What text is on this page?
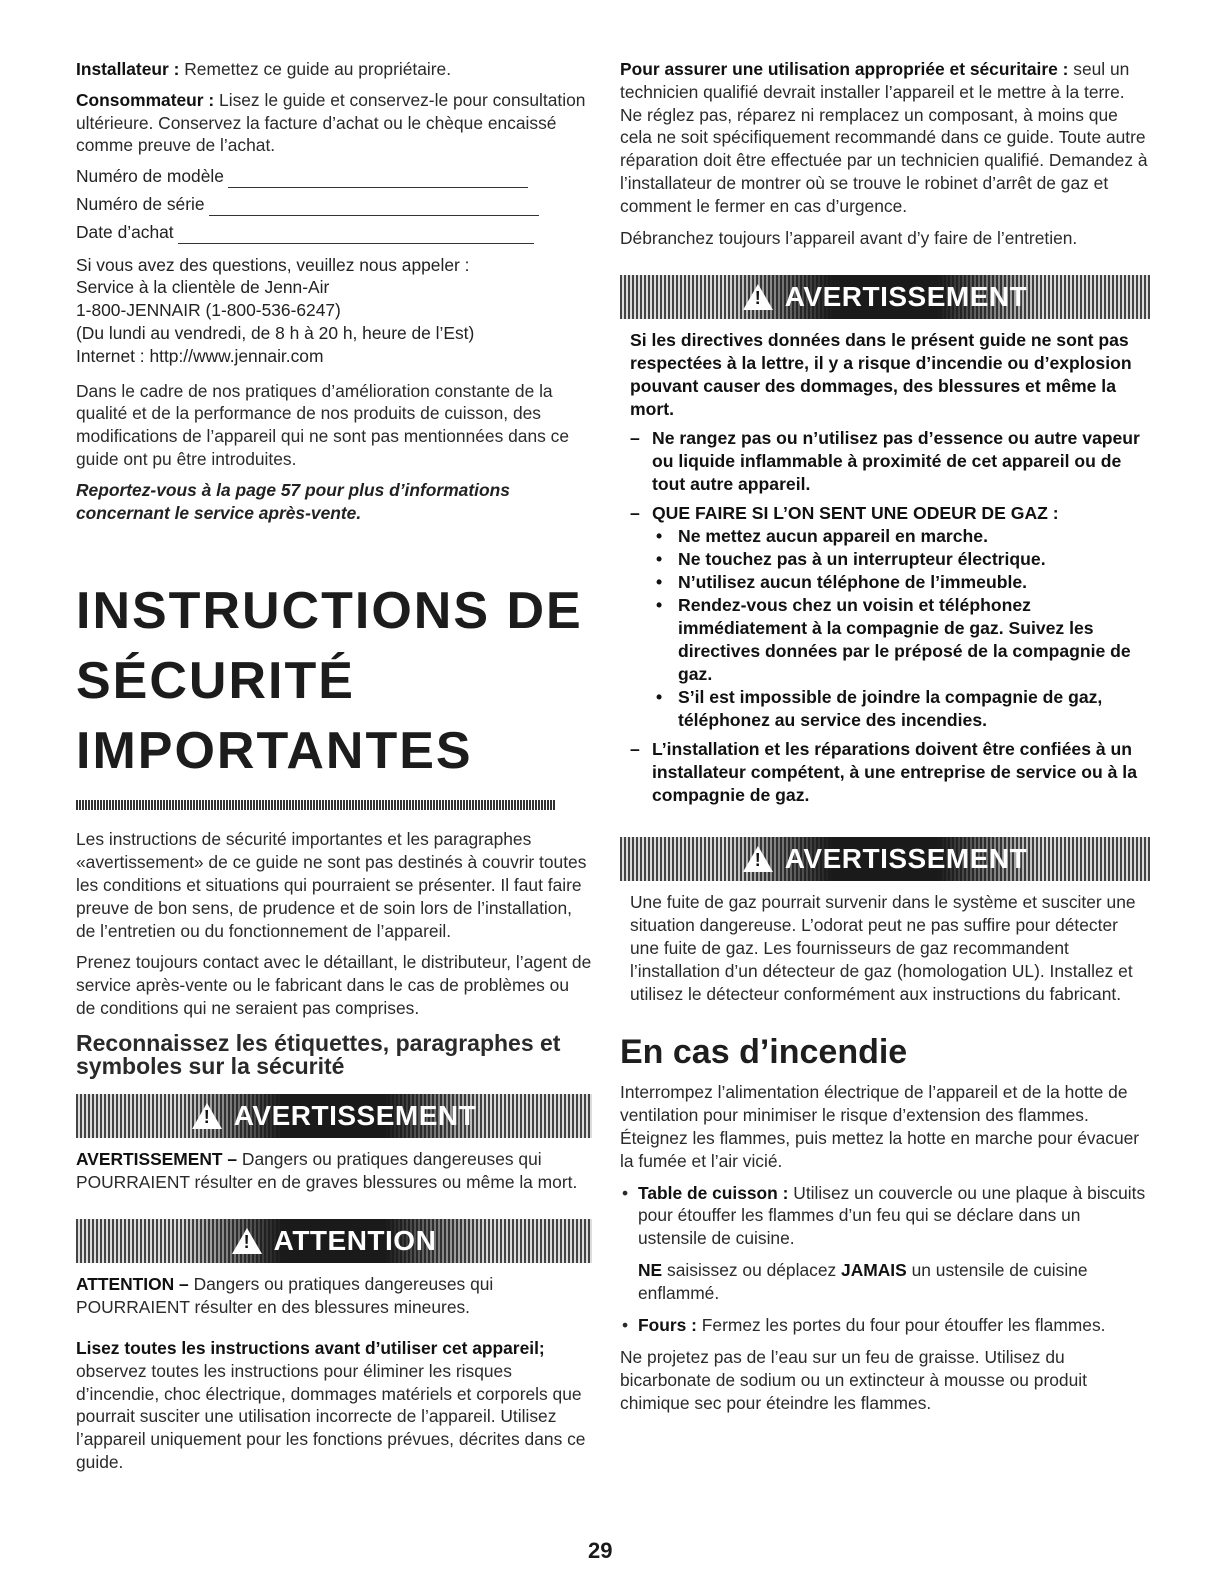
Installateur : Remettez ce guide au propriétaire.

Consommateur : Lisez le guide et conservez-le pour consultation ultérieure. Conservez la facture d’achat ou le chèque encaissé comme preuve de l’achat.

Numéro de modèle
Numéro de série
Date d’achat
Si vous avez des questions, veuillez nous appeler :
Service à la clientèle de Jenn-Air
1-800-JENNAIR (1-800-536-6247)
(Du lundi au vendredi, de 8 h à 20 h, heure de l’Est)
Internet : http://www.jennair.com

Dans le cadre de nos pratiques d’amélioration constante de la qualité et de la performance de nos produits de cuisson, des modifications de l’appareil qui ne sont pas mentionnées dans ce guide ont pu être introduites.

Reportez-vous à la page 57 pour plus d’informations concernant le service après-vente.

INSTRUCTIONS DE
SÉCURITÉ
IMPORTANTES

Les instructions de sécurité importantes et les paragraphes «avertissement» de ce guide ne sont pas destinés à couvrir toutes les conditions et situations qui pourraient se présenter. Il faut faire preuve de bon sens, de prudence et de soin lors de l’installation, de l’entretien ou du fonctionnement de l’appareil.

Prenez toujours contact avec le détaillant, le distributeur, l’agent de service après-vente ou le fabricant dans le cas de problèmes ou de conditions qui ne seraient pas comprises.

Reconnaissez les étiquettes, paragraphes et symboles sur la sécurité
! AVERTISSEMENT

AVERTISSEMENT – Dangers ou pratiques dangereuses qui POURRAIENT résulter en de graves blessures ou même la mort.

! ATTENTION

ATTENTION – Dangers ou pratiques dangereuses qui POURRAIENT résulter en des blessures mineures.

Lisez toutes les instructions avant d’utiliser cet appareil; observez toutes les instructions pour éliminer les risques d’incendie, choc électrique, dommages matériels et corporels que pourrait susciter une utilisation incorrecte de l’appareil. Utilisez l’appareil uniquement pour les fonctions prévues, décrites dans ce guide.

Pour assurer une utilisation appropriée et sécuritaire : seul un technicien qualifié devrait installer l’appareil et le mettre à la terre. Ne réglez pas, réparez ni remplacez un composant, à moins que cela ne soit spécifiquement recommandé dans ce guide. Toute autre réparation doit être effectuée par un technicien qualifié. Demandez à l’installateur de montrer où se trouve le robinet d’arrêt de gaz et comment le fermer en cas d’urgence.

Débranchez toujours l’appareil avant d’y faire de l’entretien.

! AVERTISSEMENT

Si les directives données dans le présent guide ne sont pas respectées à la lettre, il y a risque d’incendie ou d’explosion pouvant causer des dommages, des blessures et même la mort.

– Ne rangez pas ou n’utilisez pas d’essence ou autre vapeur ou liquide inflammable à proximité de cet appareil ou de tout autre appareil.
– QUE FAIRE SI L’ON SENT UNE ODEUR DE GAZ :
• Ne mettez aucun appareil en marche.
• Ne touchez pas à un interrupteur électrique.
• N’utilisez aucun téléphone de l’immeuble.
• Rendez-vous chez un voisin et téléphonez immédiatement à la compagnie de gaz. Suivez les directives données par le préposé de la compagnie de gaz.
• S’il est impossible de joindre la compagnie de gaz, téléphonez au service des incendies.
– L’installation et les réparations doivent être confiées à un installateur compétent, à une entreprise de service ou à la compagnie de gaz.
! AVERTISSEMENT

Une fuite de gaz pourrait survenir dans le système et susciter une situation dangereuse. L’odorat peut ne pas suffire pour détecter une fuite de gaz. Les fournisseurs de gaz recommandent l’installation d’un détecteur de gaz (homologation UL). Installez et utilisez le détecteur conformément aux instructions du fabricant.

En cas d’incendie

Interrompez l’alimentation électrique de l’appareil et de la hotte de ventilation pour minimiser le risque d’extension des flammes. Éteignez les flammes, puis mettez la hotte en marche pour évacuer la fumée et l’air vicié.

• Table de cuisson : Utilisez un couvercle ou une plaque à biscuits pour étouffer les flammes d’un feu qui se déclare dans un ustensile de cuisine.

NE saisissez ou déplacez JAMAIS un ustensile de cuisine enflammé.

• Fours : Fermez les portes du four pour étouffer les flammes.

Ne projetez pas de l’eau sur un feu de graisse. Utilisez du bicarbonate de sodium ou un extincteur à mousse ou produit chimique sec pour éteindre les flammes.

29
